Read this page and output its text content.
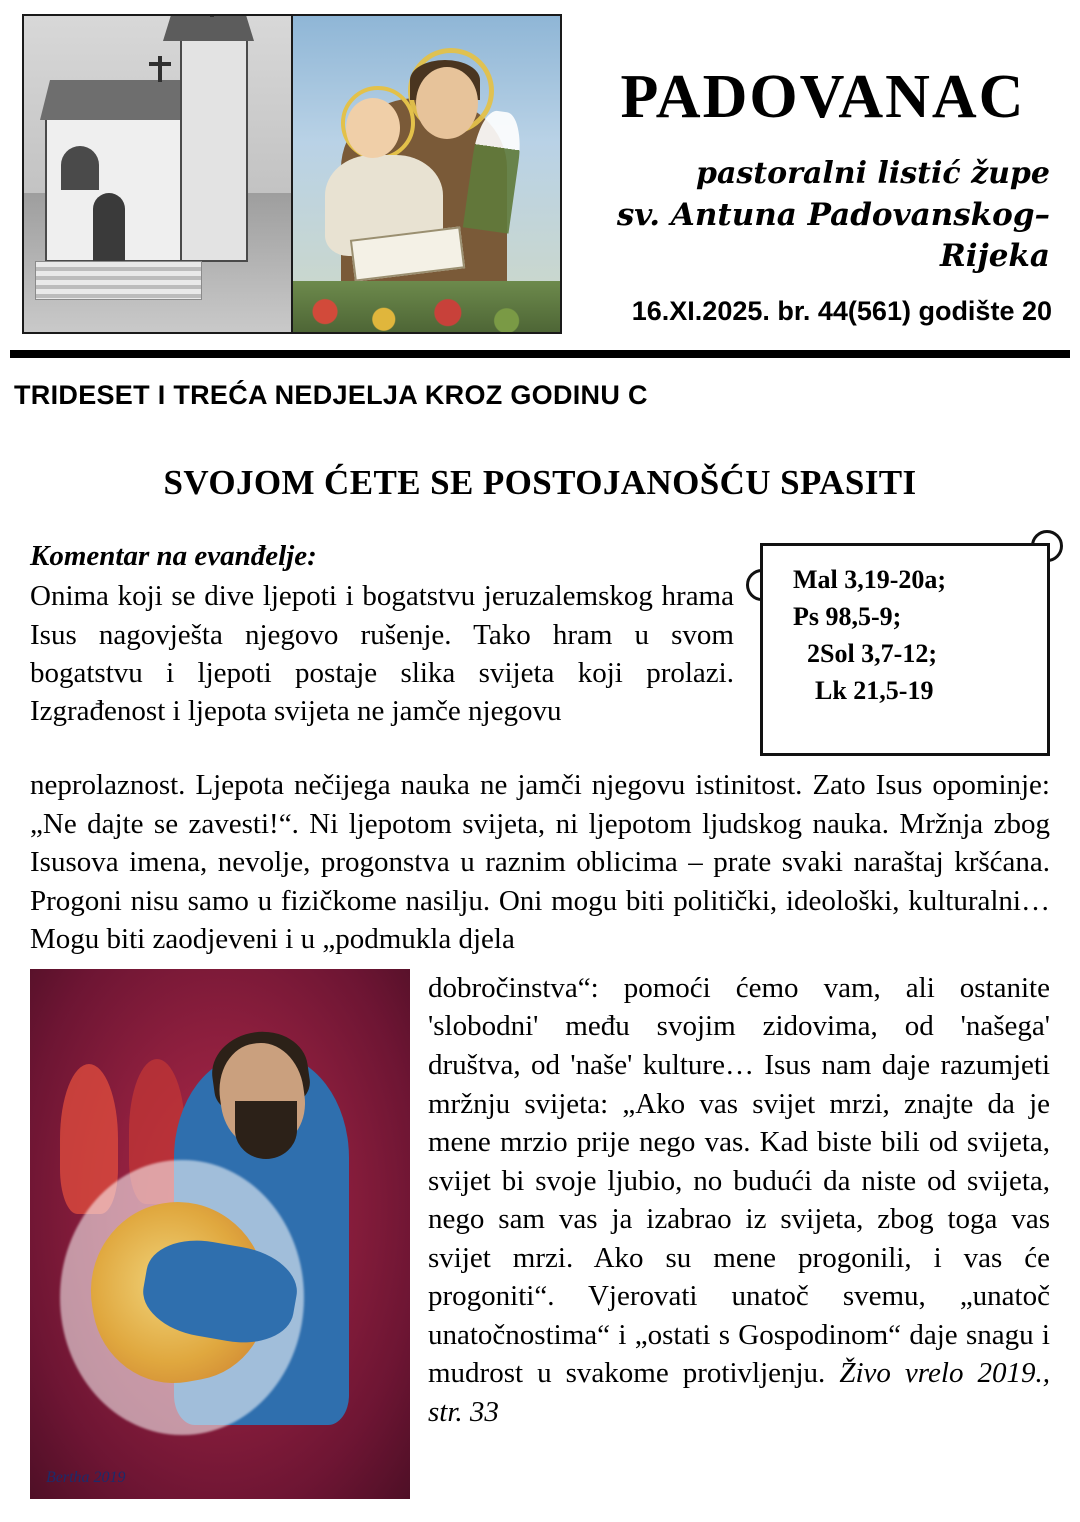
PADOVANAC
pastoralni listić župe
sv. Antuna Padovanskog–Rijeka
16.XI.2025. br. 44(561) godište 20
TRIDESET I TREĆA NEDJELJA KROZ GODINU C
SVOJOM ĆETE SE POSTOJANOŠĆU SPASITI
Mal 3,19-20a;
Ps 98,5-9;
2Sol 3,7-12;
Lk 21,5-19

Komentar na evanđelje:
Onima koji se dive ljepoti i bogatstvu jeruzalemskog hrama Isus nagovješta njegovo rušenje. Tako hram u svom bogatstvu i ljepoti postaje slika svijeta koji prolazi. Izgrađenost i ljepota svijeta ne jamče njegovu

neprolaznost. Ljepota nečijega nauka ne jamči njegovu istinitost. Zato Isus opominje: „Ne dajte se zavesti!“. Ni ljepotom svijeta, ni ljepotom ljudskog nauka. Mržnja zbog Isusova imena, nevolje, progonstva u raznim oblicima – prate svaki naraštaj kršćana. Progoni nisu samo u fizičkome nasilju. Oni mogu biti politički, ideološki, kulturalni… Mogu biti zaodjeveni i u „podmukla djela

Bertha 2019
dobročinstva“: pomoći ćemo vam, ali ostanite 'slobodni' među svojim zidovima, od 'našega' društva, od 'naše' kulture… Isus nam daje razumjeti mržnju svijeta: „Ako vas svijet mrzi, znajte da je mene mrzio prije nego vas. Kad biste bili od svijeta, svijet bi svoje ljubio, no budući da niste od svijeta, nego sam vas ja izabrao iz svijeta, zbog toga vas svijet mrzi. Ako su mene progonili, i vas će progoniti“. Vjerovati unatoč svemu, „unatoč unatočnostima“ i „ostati s Gospodinom“ daje snagu i mudrost u svakome protivljenju. Živo vrelo 2019., str. 33
